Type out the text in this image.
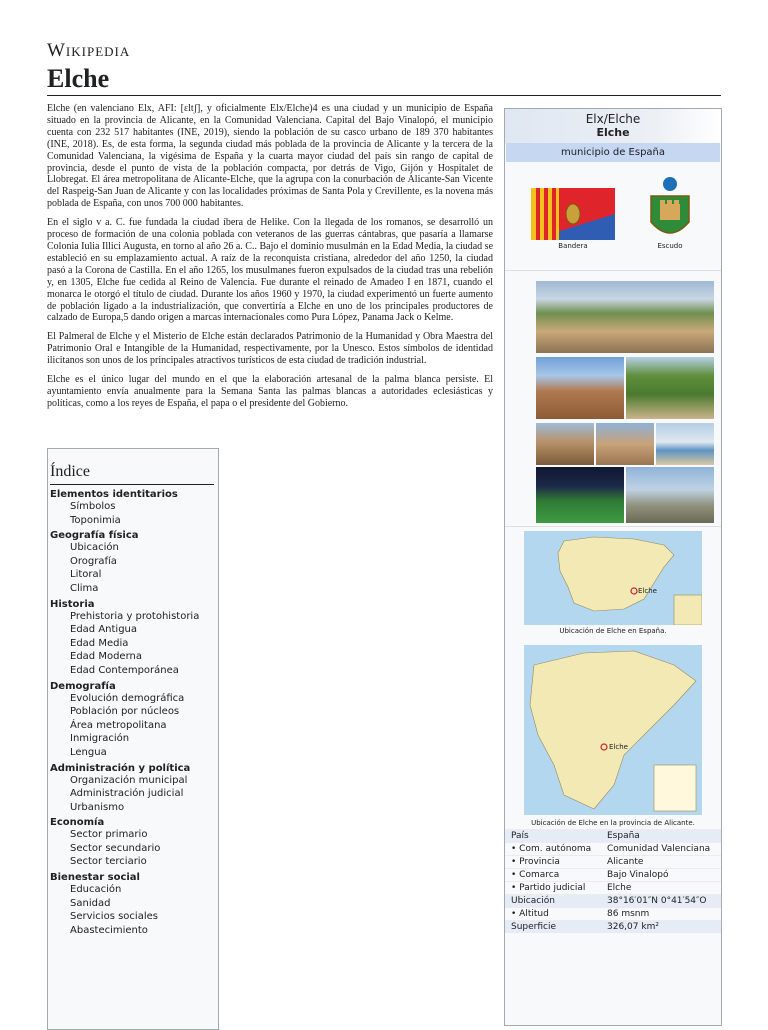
Wikipedia
Elche

Elche (en valenciano Elx, AFI: [ɛltʃ], y oficialmente Elx/Elche)4 es una ciudad y un municipio de España situado en la provincia de Alicante, en la Comunidad Valenciana. Capital del Bajo Vinalopó, el municipio cuenta con 232 517 habitantes (INE, 2019), siendo la población de su casco urbano de 189 370 habitantes (INE, 2018). Es, de esta forma, la segunda ciudad más poblada de la provincia de Alicante y la tercera de la Comunidad Valenciana, la vigésima de España y la cuarta mayor ciudad del país sin rango de capital de provincia, desde el punto de vista de la población compacta, por detrás de Vigo, Gijón y Hospitalet de Llobregat. El área metropolitana de Alicante-Elche, que la agrupa con la conurbación de Alicante-San Vicente del Raspeig-San Juan de Alicante y con las localidades próximas de Santa Pola y Crevillente, es la novena más poblada de España, con unos 700 000 habitantes.

En el siglo v a. C. fue fundada la ciudad íbera de Helike. Con la llegada de los romanos, se desarrolló un proceso de formación de una colonia poblada con veteranos de las guerras cántabras, que pasaría a llamarse Colonia Iulia Illici Augusta, en torno al año 26 a. C.. Bajo el dominio musulmán en la Edad Media, la ciudad se estableció en su emplazamiento actual. A raíz de la reconquista cristiana, alrededor del año 1250, la ciudad pasó a la Corona de Castilla. En el año 1265, los musulmanes fueron expulsados de la ciudad tras una rebelión y, en 1305, Elche fue cedida al Reino de Valencia. Fue durante el reinado de Amadeo I en 1871, cuando el monarca le otorgó el título de ciudad. Durante los años 1960 y 1970, la ciudad experimentó un fuerte aumento de población ligado a la industrialización, que convertiría a Elche en uno de los principales productores de calzado de Europa,5 dando origen a marcas internacionales como Pura López, Panama Jack o Kelme.

El Palmeral de Elche y el Misterio de Elche están declarados Patrimonio de la Humanidad y Obra Maestra del Patrimonio Oral e Intangible de la Humanidad, respectivamente, por la Unesco. Estos símbolos de identidad ilicitanos son unos de los principales atractivos turísticos de esta ciudad de tradición industrial.

Elche es el único lugar del mundo en el que la elaboración artesanal de la palma blanca persiste. El ayuntamiento envía anualmente para la Semana Santa las palmas blancas a autoridades eclesiásticas y políticas, como a los reyes de España, el papa o el presidente del Gobierno.

Índice
Elementos identitarios
Símbolos
Toponimia
Geografía física
Ubicación
Orografía
Litoral
Clima
Historia
Prehistoria y protohistoria
Edad Antigua
Edad Media
Edad Moderna
Edad Contemporánea
Demografía
Evolución demográfica
Población por núcleos
Área metropolitana
Inmigración
Lengua
Administración y política
Organización municipal
Administración judicial
Urbanismo
Economía
Sector primario
Sector secundario
Sector terciario
Bienestar social
Educación
Sanidad
Servicios sociales
Abastecimiento
Elx/Elche
Elche
municipio de España
Bandera	Escudo
Elche
Ubicación de Elche en España.
Elche
Ubicación de Elche en la provincia de Alicante.
País	España
• Com. autónoma	Comunidad Valenciana
• Provincia	Alicante
• Comarca	Bajo Vinalopó
• Partido judicial	Elche
Ubicación	38°16′01″N 0°41′54″O
• Altitud	86 msnm
Superficie	326,07 km²
